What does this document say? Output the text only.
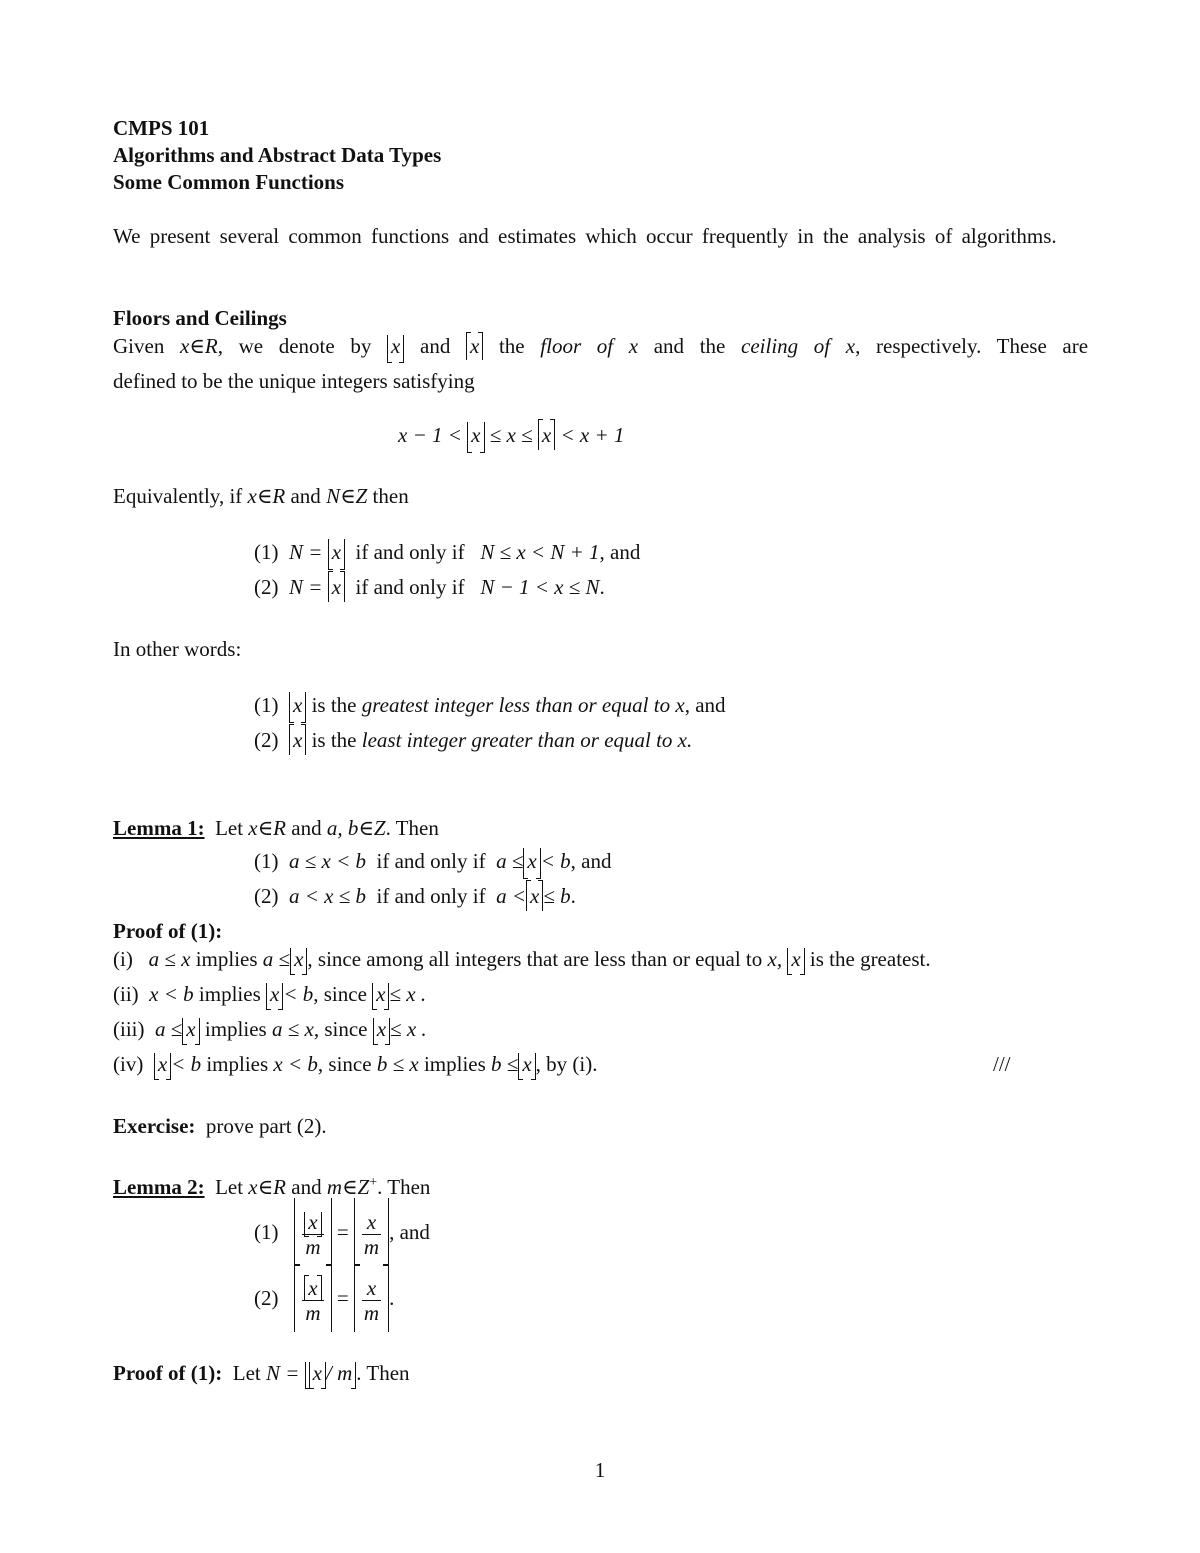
CMPS 101
Algorithms and Abstract Data Types
Some Common Functions
We present several common functions and estimates which occur frequently in the analysis of algorithms.
Floors and Ceilings
Given x∈R, we denote by x and x the floor of x and the ceiling of x, respectively. These are
defined to be the unique integers satisfying
x − 1 < x ≤ x ≤ x < x + 1
Equivalently, if x∈R and N∈Z then
(1) N = x if and only if N ≤ x < N + 1, and
(2) N = x if and only if N − 1 < x ≤ N.
In other words:
(1) x is the greatest integer less than or equal to x, and
(2) x is the least integer greater than or equal to x.
Lemma 1: Let x∈R and a, b∈Z. Then
(1) a ≤ x < b if and only if a ≤ x < b, and
(2) a < x ≤ b if and only if a < x ≤ b.
Proof of (1):
(i) a ≤ x implies a ≤ x , since among all integers that are less than or equal to x, x is the greatest.
(ii) x < b implies x < b, since x ≤ x .
(iii) a ≤ x implies a ≤ x, since x ≤ x .
(iv) x < b implies x < b, since b ≤ x implies b ≤ x , by (i).	///
Exercise: prove part (2).
Lemma 2: Let x∈R and m∈Z+. Then
$(1) \frac{x}{m} = \frac{x}{m}$ , and
$(2) \frac{x}{m} = \frac{x}{m}$ .
Proof of (1): Let N = x / m . Then
1
